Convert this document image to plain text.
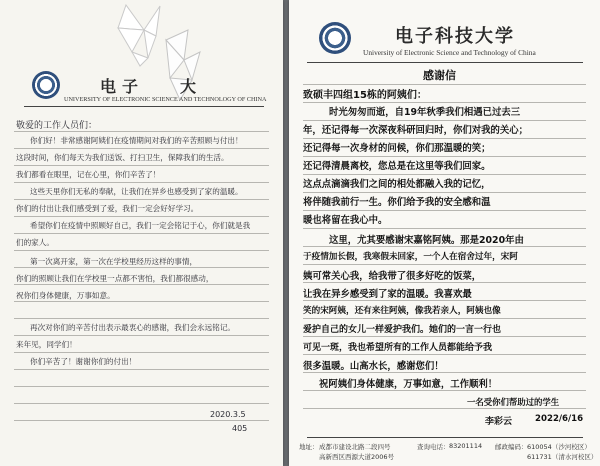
电子 大
UNIVERSITY OF ELECTRONIC SCIENCE AND TECHNOLOGY OF CHINA
敬爱的工作人员们：
你们好！非常感谢阿姨们在疫情期间对我们的辛苦照顾与付出！
这段时间，你们每天为我们送饭、打扫卫生，保障我们的生活。
我们都看在眼里，记在心里，你们辛苦了！
这些天里你们无私的奉献，让我们在异乡也感受到了家的温暖。
你们的付出让我们感受到了爱，我们一定会好好学习。
希望你们在疫情中照顾好自己，我们一定会铭记于心，你们就是我
们的家人。
第一次离开家，第一次在学校里经历这样的事情，
你们的照顾让我们在学校里一点都不害怕，我们都很感动，
祝你们身体健康，万事如意。
再次对你们的辛苦付出表示最衷心的感谢，我们会永远铭记。
来年见，同学们！
你们辛苦了！谢谢你们的付出！
2020.3.5
405
电子科技大学
University of Electronic Science and Technology of China
感谢信
致硕丰四组15栋的阿姨们：
时光匆匆而逝，自19年秋季我们相遇已过去三
年，还记得每一次深夜科研回归时，你们对我的关心；
还记得每一次身材的问候，你们那温暖的笑；
还记得清晨离校，您总是在这里等我们回家。
这点点滴滴我们之间的相处都融入我的记忆，
将伴随我前行一生。你们给予我的安全感和温
暖也将留在我心中。
这里，尤其要感谢宋嘉铭阿姨。那是2020年由
于疫情加长假，我寒假未回家，一个人在宿舍过年，宋阿
姨可常关心我，给我带了很多好吃的饭菜，
让我在异乡感受到了家的温暖。我喜欢最
笑的宋阿姨，还有来往阿姨，像我若亲人，阿姨也像
爱护自己的女儿一样爱护我们。她们的一言一行也
可见一斑，我也希望所有的工作人员都能给予我
很多温暖。山高水长，感谢您们！
祝阿姨们身体健康，万事如意，工作顺利！
一名受你们帮助过的学生
李彩云	2022/6/16
地址： 成都市建设北路二段四号
高新西区西源大道2006号
查询电话： 83201114 邮政编码： 610054（沙河校区）
611731（清水河校区）
